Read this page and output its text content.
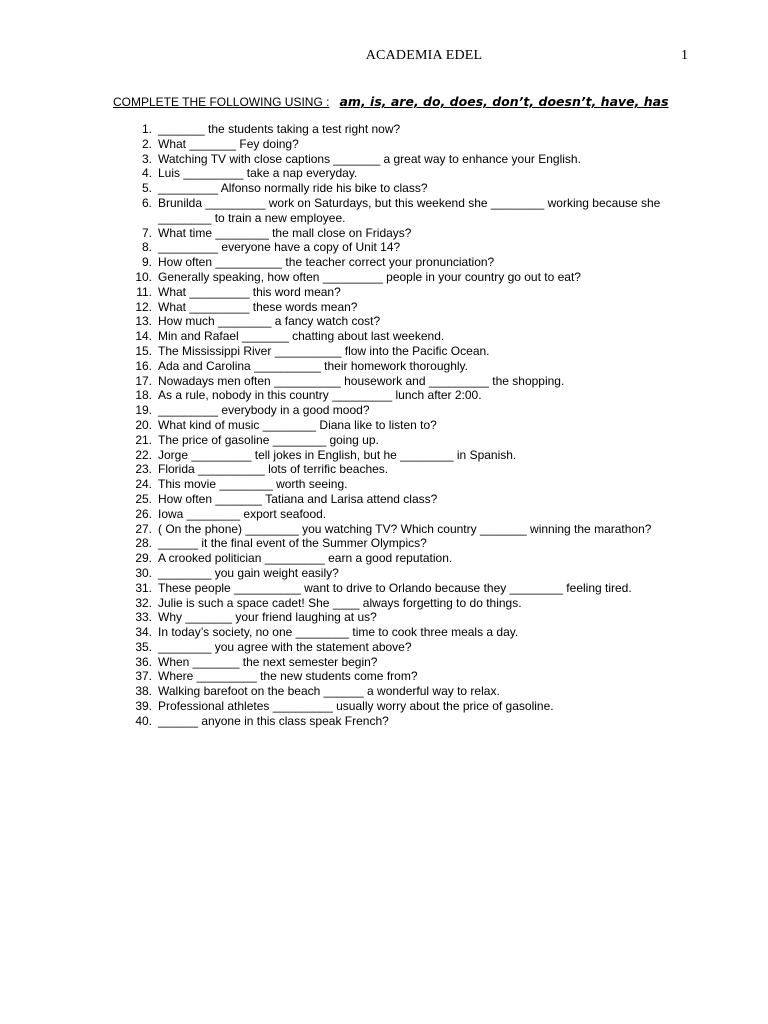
ACADEMIA EDEL	1
COMPLETE THE FOLLOWING USING : am, is, are, do, does, don’t, doesn’t, have, has
1. _______ the students taking a test right now?
2. What _______ Fey doing?
3. Watching TV with close captions _______ a great way to enhance your English.
4. Luis _________ take a nap everyday.
5. _________ Alfonso normally ride his bike to class?
6. Brunilda _________ work on Saturdays, but this weekend she ________ working because she ________ to train a new employee.
7. What time ________ the mall close on Fridays?
8. _________ everyone have a copy of Unit 14?
9. How often __________ the teacher correct your pronunciation?
10. Generally speaking, how often _________ people in your country go out to eat?
11. What _________ this word mean?
12. What _________ these words mean?
13. How much ________ a fancy watch cost?
14. Min and Rafael _______ chatting about last weekend.
15. The Mississippi River __________ flow into the Pacific Ocean.
16. Ada and Carolina __________ their homework thoroughly.
17. Nowadays men often __________ housework and _________ the shopping.
18. As a rule, nobody in this country _________ lunch after 2:00.
19. _________ everybody in a good mood?
20. What kind of music ________ Diana like to listen to?
21. The price of gasoline ________ going up.
22. Jorge _________ tell jokes in English, but he ________ in Spanish.
23. Florida __________ lots of terrific beaches.
24. This movie ________ worth seeing.
25. How often _______ Tatiana and Larisa attend class?
26. Iowa ________ export seafood.
27. ( On the phone) ________ you watching TV? Which country _______ winning the marathon?
28. ______ it the final event of the Summer Olympics?
29. A crooked politician _________ earn a good reputation.
30. ________ you gain weight easily?
31. These people __________ want to drive to Orlando because they ________ feeling tired.
32. Julie is such a space cadet! She ____ always forgetting to do things.
33. Why _______ your friend laughing at us?
34. In today’s society, no one ________ time to cook three meals a day.
35. ________ you agree with the statement above?
36. When _______ the next semester begin?
37. Where _________ the new students come from?
38. Walking barefoot on the beach ______ a wonderful way to relax.
39. Professional athletes _________ usually worry about the price of gasoline.
40. ______ anyone in this class speak French?
